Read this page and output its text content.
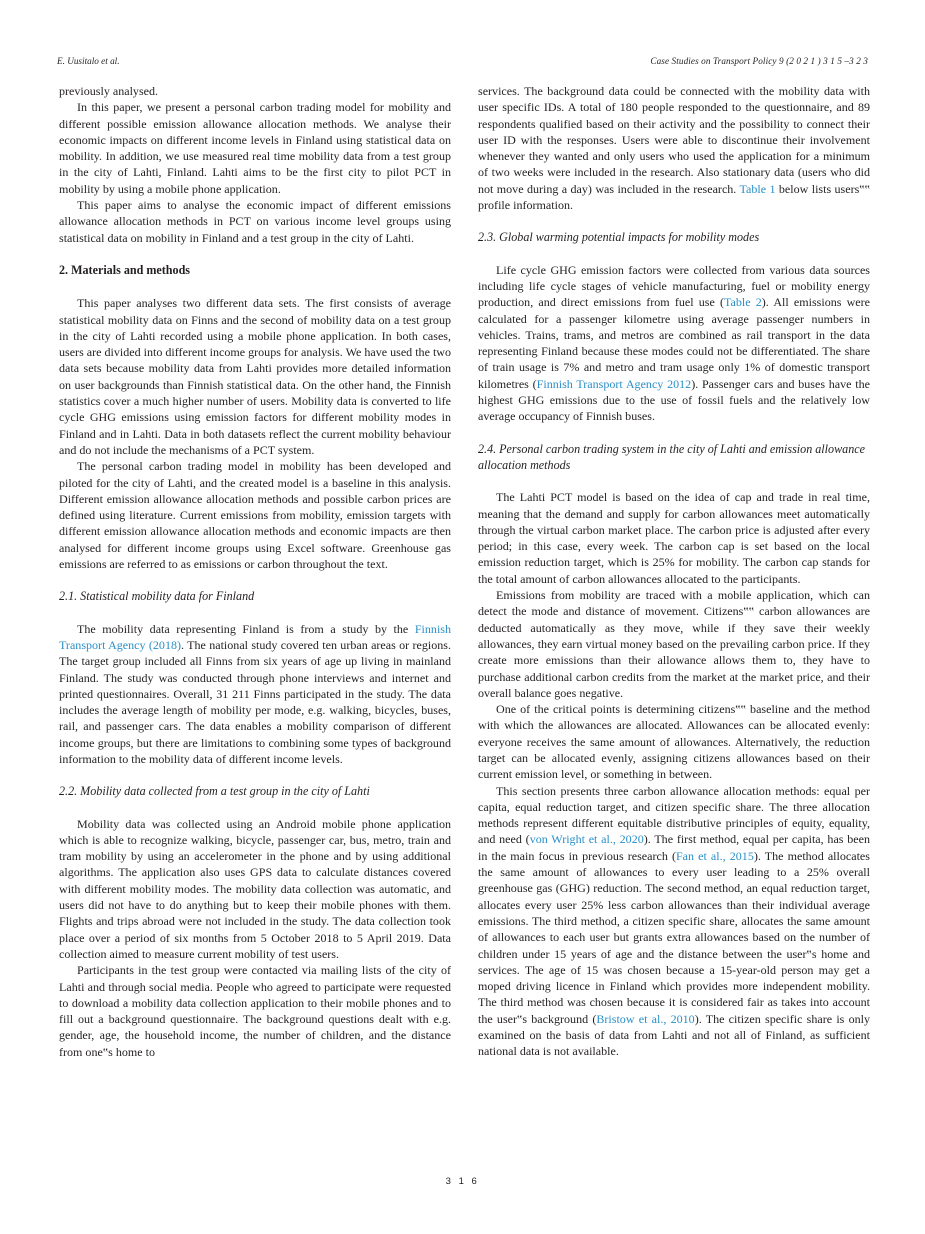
E. Uusitalo et al.	Case Studies on Transport Policy 9 (2 0 2 1 ) 3 1 5 –3 2 3

previously analysed.

In this paper, we present a personal carbon trading model for mobility and different possible emission allowance allocation methods. We analyse their economic impacts on different income levels in Finland using statistical data on mobility. In addition, we use measured real time mobility data from a test group in the city of Lahti, Finland. Lahti aims to be the first city to pilot PCT in mobility by using a mobile phone application.

This paper aims to analyse the economic impact of different emissions allowance allocation methods in PCT on various income level groups using statistical data on mobility in Finland and a test group in the city of Lahti.

2. Materials and methods

This paper analyses two different data sets. The first consists of average statistical mobility data on Finns and the second of mobility data on a test group in the city of Lahti recorded using a mobile phone application. In both cases, users are divided into different income groups for analysis. We have used the two data sets because mobility data from Lahti provides more detailed information on user backgrounds than Finnish statistical data. On the other hand, the Finnish statistics cover a much higher number of users. Mobility data is converted to life cycle GHG emissions using emission factors for different mobility modes in Finland and in Lahti. Data in both datasets reflect the current mobility behaviour and do not include the mechanisms of a PCT system.

The personal carbon trading model in mobility has been developed and piloted for the city of Lahti, and the created model is a baseline in this analysis. Different emission allowance allocation methods and possible carbon prices are defined using literature. Current emissions from mobility, emission targets with different emission allowance allocation methods and economic impacts are then analysed for different income groups using Excel software. Greenhouse gas emissions are referred to as emissions or carbon throughout the text.

2.1. Statistical mobility data for Finland

The mobility data representing Finland is from a study by the Finnish Transport Agency (2018). The national study covered ten urban areas or regions. The target group included all Finns from six years of age up living in mainland Finland. The study was conducted through phone interviews and internet and printed questionnaires. Overall, 31 211 Finns participated in the study. The data includes the average length of mobility per mode, e.g. walking, bicycles, buses, rail, and passenger cars. The data enables a mobility comparison of different income groups, but there are limitations to combining some types of background information to the mobility data of different income levels.

2.2. Mobility data collected from a test group in the city of Lahti

Mobility data was collected using an Android mobile phone application which is able to recognize walking, bicycle, passenger car, bus, metro, train and tram mobility by using an accelerometer in the phone and by using additional algorithms. The application also uses GPS data to calculate distances covered with different mobility modes. The mobility data collection was automatic, and users did not have to do anything but to keep their mobile phones with them. Flights and trips abroad were not included in the study. The data collection took place over a period of six months from 5 October 2018 to 5 April 2019. Data collection aimed to measure current mobility of test users.

Participants in the test group were contacted via mailing lists of the city of Lahti and through social media. People who agreed to participate were requested to download a mobility data collection application to their mobile phones and to fill out a background questionnaire. The background questions dealt with e.g. gender, age, the household income, the number of children, and the distance from one‟s home to

services. The background data could be connected with the mobility data with user specific IDs. A total of 180 people responded to the questionnaire, and 89 respondents qualified based on their activity and the possibility to connect their user ID with the responses. Users were able to discontinue their involvement whenever they wanted and only users who used the application for a minimum of two weeks were included in the research. Also stationary data (users who did not move during a day) was included in the research. Table 1 below lists users‟‟ profile information.

2.3. Global warming potential impacts for mobility modes

Life cycle GHG emission factors were collected from various data sources including life cycle stages of vehicle manufacturing, fuel or mobility energy production, and direct emissions from fuel use (Table 2). All emissions were calculated for a passenger kilometre using average passenger numbers in vehicles. Trains, trams, and metros are combined as rail transport in the data representing Finland because these modes could not be differentiated. The share of train usage is 7% and metro and tram usage only 1% of domestic transport kilometres (Finnish Transport Agency 2012). Passenger cars and buses have the highest GHG emissions due to the use of fossil fuels and the relatively low average occupancy of Finnish buses.

2.4. Personal carbon trading system in the city of Lahti and emission allowance allocation methods

The Lahti PCT model is based on the idea of cap and trade in real time, meaning that the demand and supply for carbon allowances meet automatically through the virtual carbon market place. The carbon price is adjusted after every period; in this case, every week. The carbon cap is set based on the local emission reduction target, which is 25% for mobility. The carbon cap stands for the total amount of carbon allowances allocated to the participants.

Emissions from mobility are traced with a mobile application, which can detect the mode and distance of movement. Citizens‟‟ carbon allowances are deducted automatically as they move, while if they save their weekly allowances, they earn virtual money based on the prevailing carbon price. If they create more emissions than their allowance allows them to, they have to purchase additional carbon credits from the market at the market price, and their overall balance goes negative.

One of the critical points is determining citizens‟‟ baseline and the method with which the allowances are allocated. Allowances can be allocated evenly: everyone receives the same amount of allowances. Alternatively, the reduction target can be allocated evenly, assigning citizens allowances based on their current emission level, or something in between.

This section presents three carbon allowance allocation methods: equal per capita, equal reduction target, and citizen specific share. The three allocation methods represent different equitable distributive principles of equity, equality, and need (von Wright et al., 2020). The first method, equal per capita, has been in the main focus in previous research (Fan et al., 2015). The method allocates the same amount of allowances to every user leading to a 25% overall greenhouse gas (GHG) reduction. The second method, an equal reduction target, allocates every user 25% less carbon allowances than their individual average emissions. The third method, a citizen specific share, allocates the same amount of allowances to each user but grants extra allowances based on the number of children under 15 years of age and the distance between the user‟s home and services. The age of 15 was chosen because a 15-year-old person may get a moped driving licence in Finland which provides more independent mobility. The third method was chosen because it is considered fair as takes into account the user‟s background (Bristow et al., 2010). The citizen specific share is only examined on the basis of data from Lahti and not all of Finland, as sufficient national data is not available.

3 1 6
